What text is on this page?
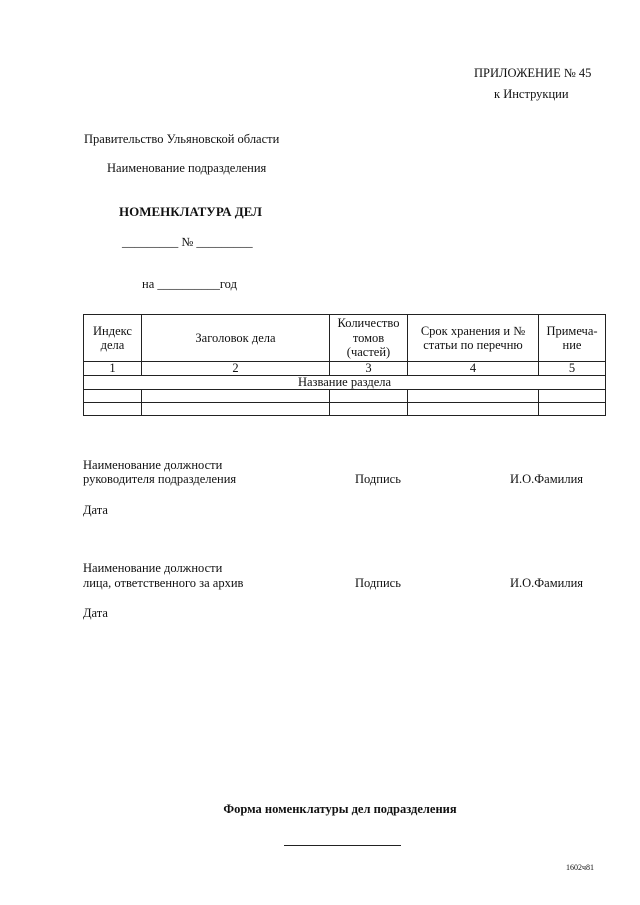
ПРИЛОЖЕНИЕ № 45
к Инструкции
Правительство Ульяновской области
Наименование подразделения
НОМЕНКЛАТУРА ДЕЛ
_________ № _________
на __________год
Индекс дела	Заголовок дела	Количество томов (частей)	Срок хранения и № статьи по перечню	Примеча-ние
1	2	3	4	5
Название раздела				

Наименование должности
руководителя подразделения	Подпись	И.О.Фамилия
Дата
Наименование должности
лица, ответственного за архив	Подпись	И.О.Фамилия
Дата
Форма номенклатуры дел подразделения
1602ч81
